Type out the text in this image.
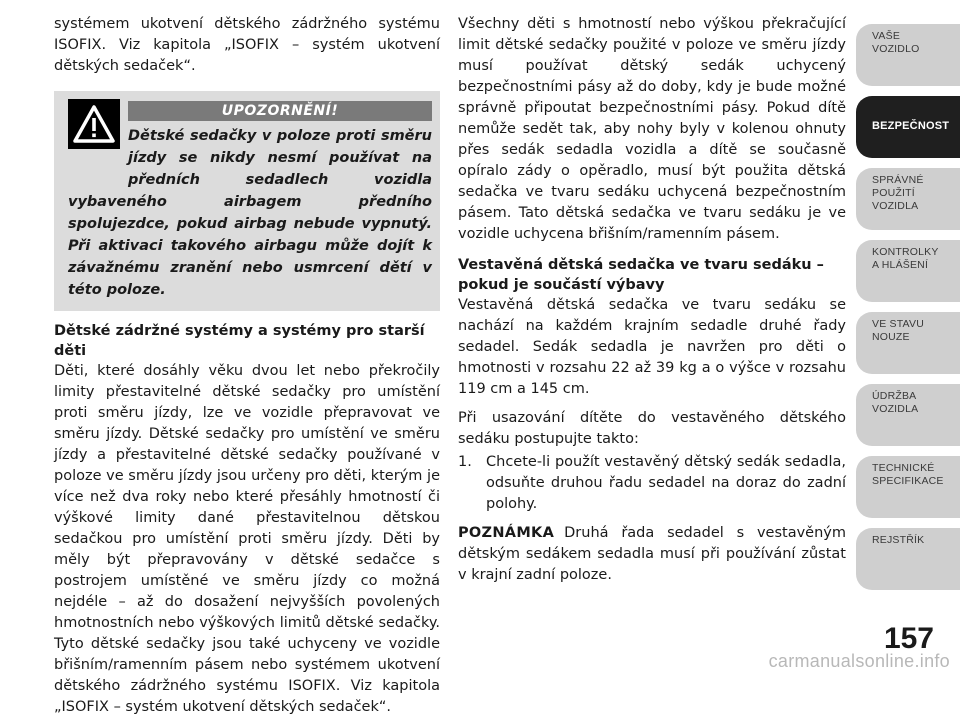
systémem ukotvení dětského zádržného systému ISOFIX. Viz kapitola „ISOFIX – systém ukotvení dětských sedaček“.

UPOZORNĚNÍ!
Dětské sedačky v poloze proti směru jízdy se nikdy nesmí používat na předních sedadlech vozidla vybaveného airbagem předního spolujezdce, pokud airbag nebude vypnutý. Při aktivaci takového airbagu může dojít k závažnému zranění nebo usmrcení dětí v této poloze.
Dětské zádržné systémy a systémy pro starší děti

Děti, které dosáhly věku dvou let nebo překročily limity přestavitelné dětské sedačky pro umístění proti směru jízdy, lze ve vozidle přepravovat ve směru jízdy. Dětské sedačky pro umístění ve směru jízdy a přestavitelné dětské sedačky používané v poloze ve směru jízdy jsou určeny pro děti, kterým je více než dva roky nebo které přesáhly hmotností či výškové limity dané přestavitelnou dětskou sedačkou pro umístění proti směru jízdy. Děti by měly být přepravovány v dětské sedačce s postrojem umístěné ve směru jízdy co možná nejdéle – až do dosažení nejvyšších povolených hmotnostních nebo výškových limitů dětské sedačky. Tyto dětské sedačky jsou také uchyceny ve vozidle břišním/ramenním pásem nebo systémem ukotvení dětského zádržného systému ISOFIX. Viz kapitola „ISOFIX – systém ukotvení dětských sedaček“.

Všechny děti s hmotností nebo výškou překračující limit dětské sedačky použité v poloze ve směru jízdy musí používat dětský sedák uchycený bezpečnostními pásy až do doby, kdy je bude možné správně připoutat bezpečnostními pásy. Pokud dítě nemůže sedět tak, aby nohy byly v kolenou ohnuty přes sedák sedadla vozidla a dítě se současně opíralo zády o opěradlo, musí být použita dětská sedačka ve tvaru sedáku uchycená bezpečnostním pásem. Tato dětská sedačka ve tvaru sedáku je ve vozidle uchycena břišním/ramenním pásem.

Vestavěná dětská sedačka ve tvaru sedáku – pokud je součástí výbavy

Vestavěná dětská sedačka ve tvaru sedáku se nachází na každém krajním sedadle druhé řady sedadel. Sedák sedadla je navržen pro děti o hmotnosti v rozsahu 22 až 39 kg a o výšce v rozsahu 119 cm a 145 cm.

Při usazování dítěte do vestavěného dětského sedáku postupujte takto:

1. Chcete-li použít vestavěný dětský sedák sedadla, odsuňte druhou řadu sedadel na doraz do zadní polohy.

POZNÁMKA Druhá řada sedadel s vestavěným dětským sedákem sedadla musí při používání zůstat v krajní zadní poloze.

VAŠE
VOZIDLO
BEZPEČNOST
SPRÁVNÉ
POUŽITÍ
VOZIDLA
KONTROLKY
A HLÁŠENÍ
VE STAVU
NOUZE
ÚDRŽBA
VOZIDLA
TECHNICKÉ
SPECIFIKACE
REJSTŘÍK
157
carmanualsonline.info
